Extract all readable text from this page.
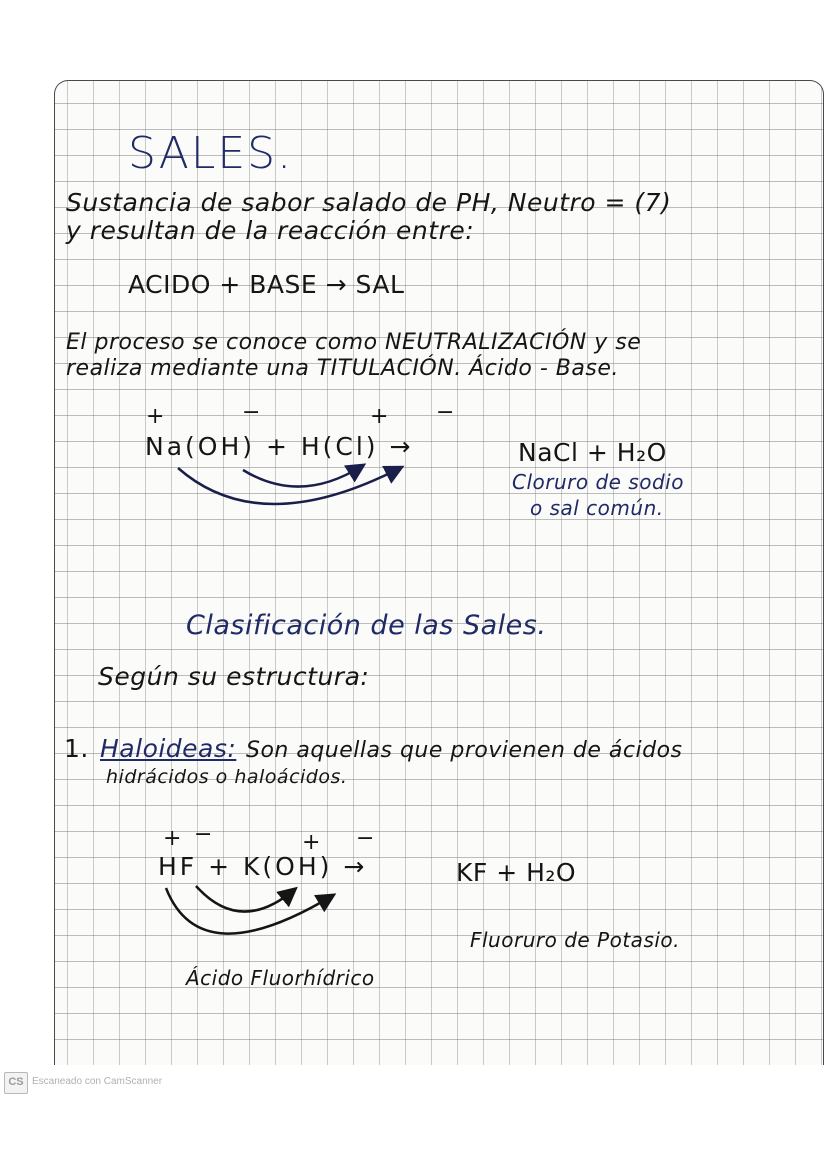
SALES.
Sustancia de sabor salado de PH, Neutro = (7)
y resultan de la reacción entre:
ACIDO + BASE → SAL
El proceso se conoce como NEUTRALIZACIÓN y se
realiza mediante una TITULACIÓN. Ácido - Base.
+	−	+ −
Na(OH) + H(Cl) →	NaCl + H₂O
Cloruro de sodio
o sal común.
Clasificación de las Sales.
Según su estructura:
1. Haloideas: Son aquellas que provienen de ácidos
hidrácidos o halоácidos.
+ −	+ −
HF + K(OH) →	KF + H₂O
Fluoruro de Potasio.
Ácido Fluorhídrico
CS Escaneado con CamScanner
